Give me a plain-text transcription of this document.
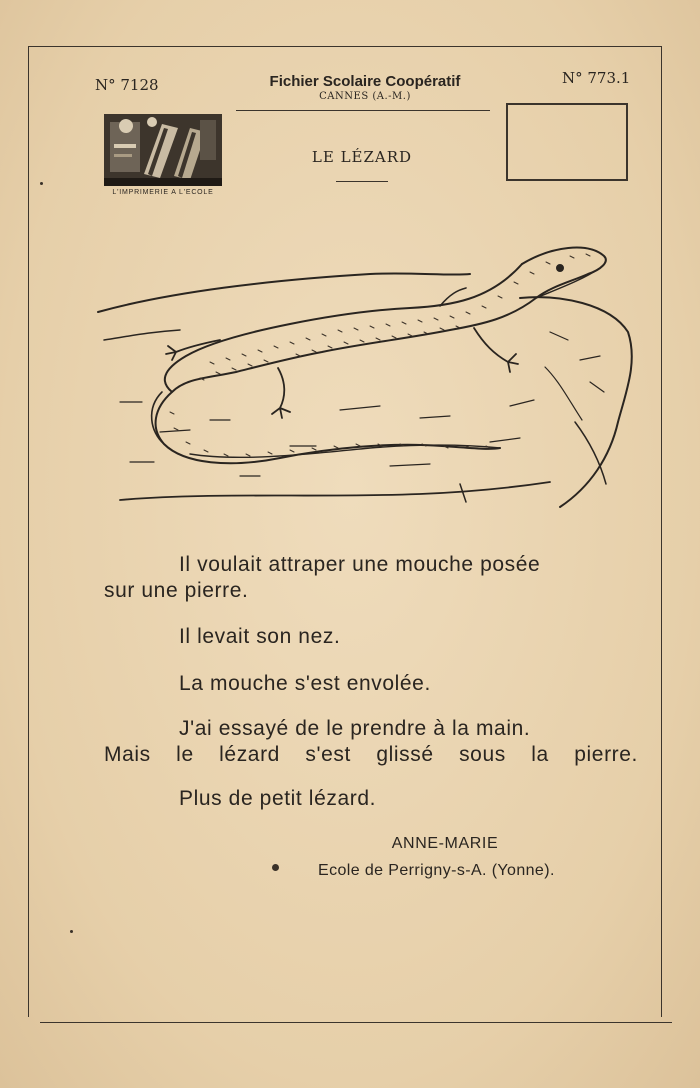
N° 7128	Fichier Scolaire Coopératif
CANNES (A.-M.)
N° 773.1
L'IMPRIMERIE A L'ECOLE
LE LÉZARD
Il voulait attraper une mouche posée
sur une pierre.
Il levait son nez.
La mouche s'est envolée.
J'ai essayé de le prendre à la main.
Mais le lézard s'est glissé sous la pierre.
Plus de petit lézard.
ANNE-MARIE
Ecole de Perrigny-s-A. (Yonne).
